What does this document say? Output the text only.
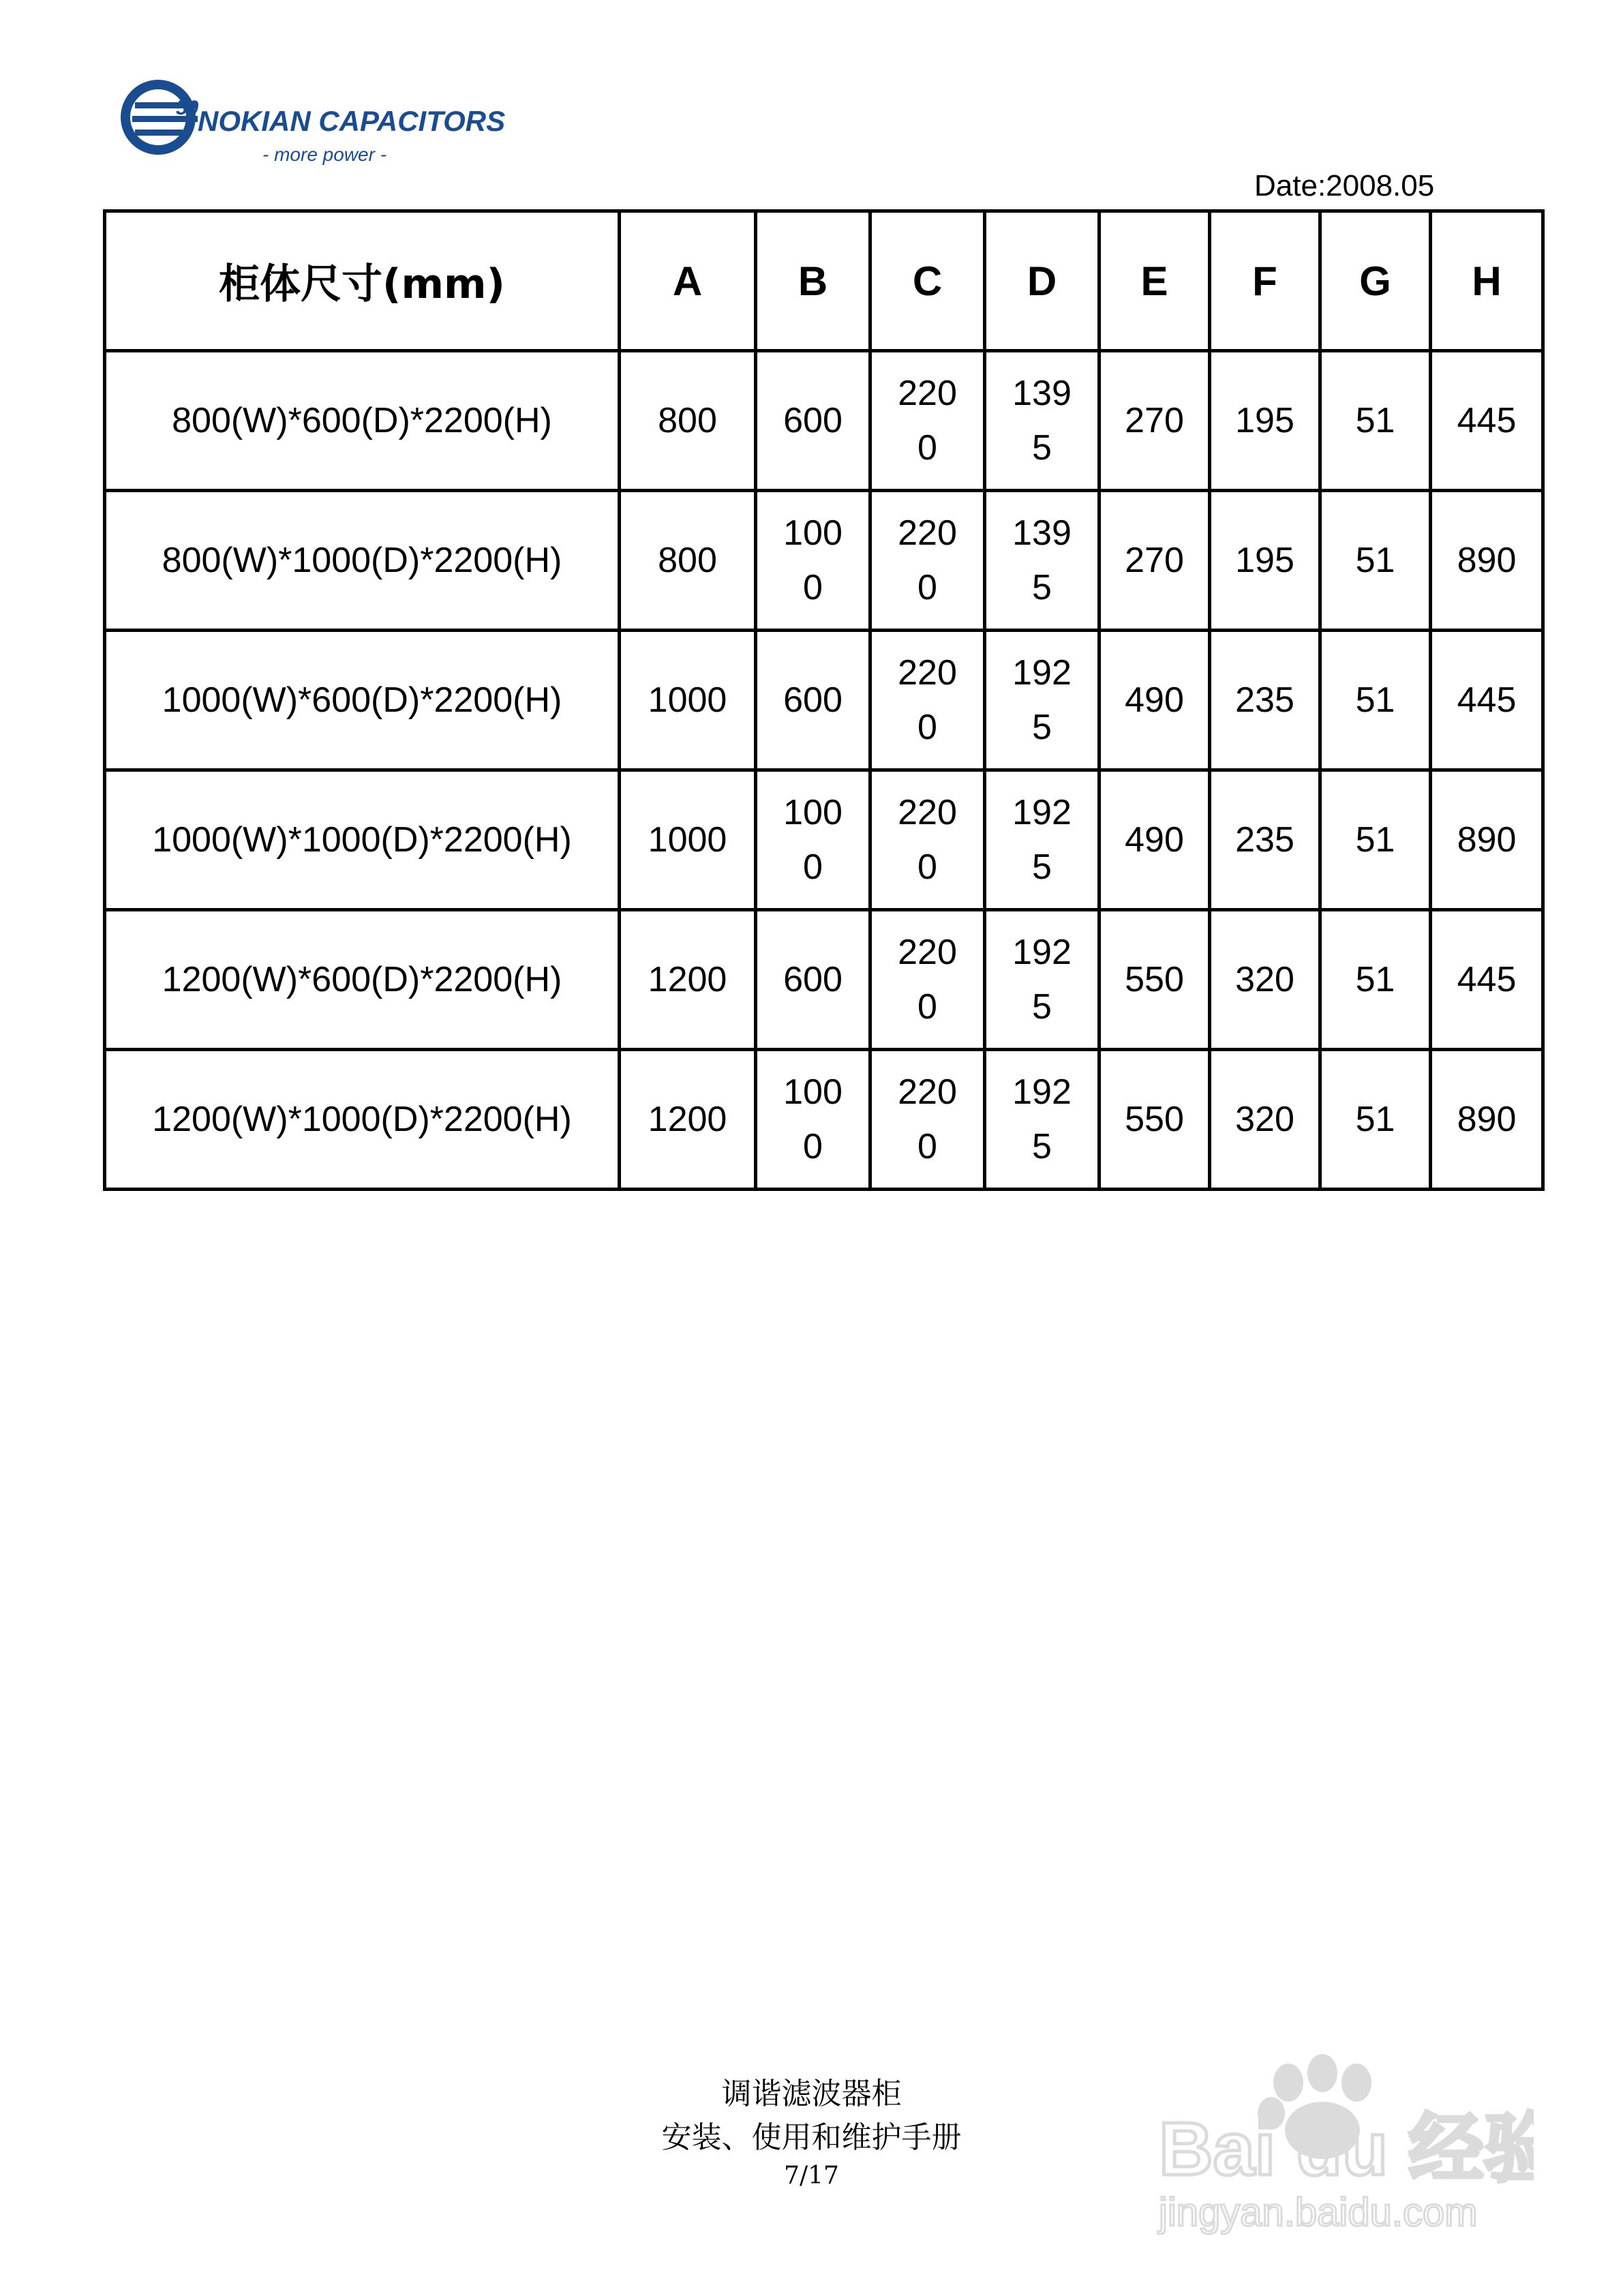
50
NOKIAN CAPACITORS
- more power -
Date:2008.05
柜体尺寸(mm)	A	B	C	D	E	F	G	H
800(W)*600(D)*2200(H)	800	600	2200	1395	270	195	51	445
800(W)*1000(D)*2200(H)	800	1000	2200	1395	270	195	51	890
1000(W)*600(D)*2200(H)	1000	600	2200	1925	490	235	51	445
1000(W)*1000(D)*2200(H)	1000	1000	2200	1925	490	235	51	890
1200(W)*600(D)*2200(H)	1200	600	2200	1925	550	320	51	445
1200(W)*1000(D)*2200(H)	1200	1000	2200	1925	550	320	51	890
调谐滤波器柜
安装、使用和维护手册
7/17	Bai du 经验
jingyan.baidu.com
